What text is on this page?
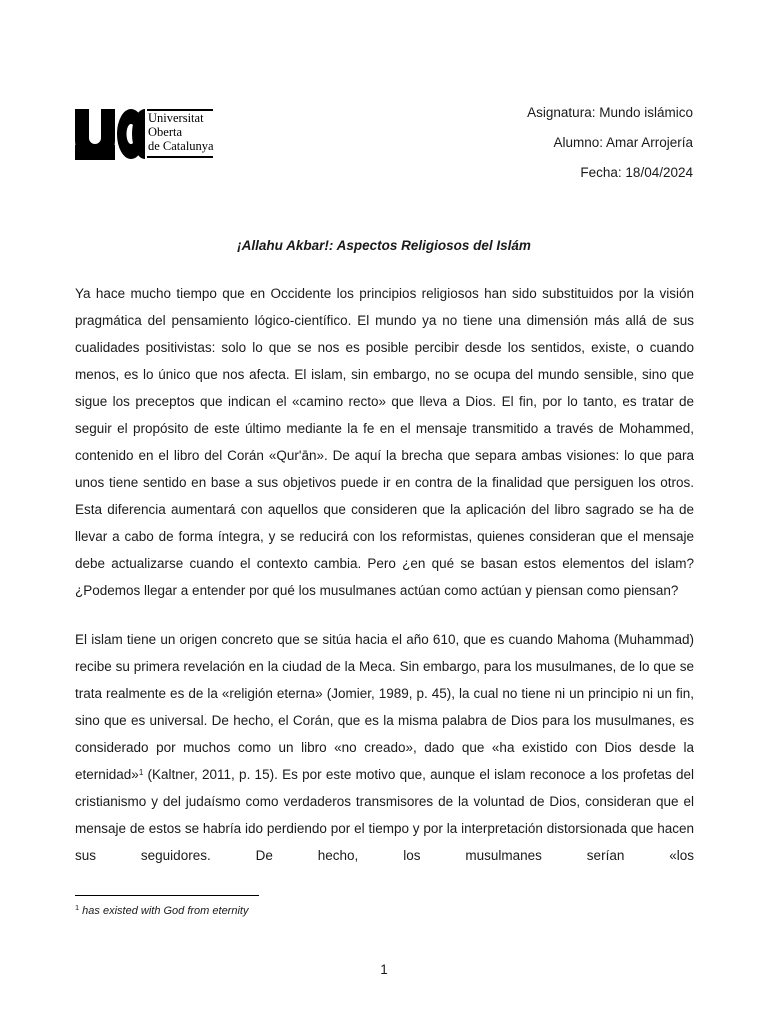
Universitat
Oberta
de Catalunya
Asignatura: Mundo islámico
Alumno: Amar Arrojería
Fecha: 18/04/2024
¡Allahu Akbar!: Aspectos Religiosos del Islám

Ya hace mucho tiempo que en Occidente los principios religiosos han sido substituidos por la visión pragmática del pensamiento lógico-científico. El mundo ya no tiene una dimensión más allá de sus cualidades positivistas: solo lo que se nos es posible percibir desde los sentidos, existe, o cuando menos, es lo único que nos afecta. El islam, sin embargo, no se ocupa del mundo sensible, sino que sigue los preceptos que indican el «camino recto» que lleva a Dios. El fin, por lo tanto, es tratar de seguir el propósito de este último mediante la fe en el mensaje transmitido a través de Mohammed, contenido en el libro del Corán «Qur'ān». De aquí la brecha que separa ambas visiones: lo que para unos tiene sentido en base a sus objetivos puede ir en contra de la finalidad que persiguen los otros. Esta diferencia aumentará con aquellos que consideren que la aplicación del libro sagrado se ha de llevar a cabo de forma íntegra, y se reducirá con los reformistas, quienes consideran que el mensaje debe actualizarse cuando el contexto cambia. Pero ¿en qué se basan estos elementos del islam? ¿Podemos llegar a entender por qué los musulmanes actúan como actúan y piensan como piensan?

El islam tiene un origen concreto que se sitúa hacia el año 610, que es cuando Mahoma (Muhammad) recibe su primera revelación en la ciudad de la Meca. Sin embargo, para los musulmanes, de lo que se trata realmente es de la «religión eterna» (Jomier, 1989, p. 45), la cual no tiene ni un principio ni un fin, sino que es universal. De hecho, el Corán, que es la misma palabra de Dios para los musulmanes, es considerado por muchos como un libro «no creado», dado que «ha existido con Dios desde la eternidad»$^1$ (Kaltner, 2011, p. 15). Es por este motivo que, aunque el islam reconoce a los profetas del cristianismo y del judaísmo como verdaderos transmisores de la voluntad de Dios, consideran que el mensaje de estos se habría ido perdiendo por el tiempo y por la interpretación distorsionada que hacen sus seguidores. De hecho, los musulmanes serían «los

$^1$ has existed with God from eternity
1
